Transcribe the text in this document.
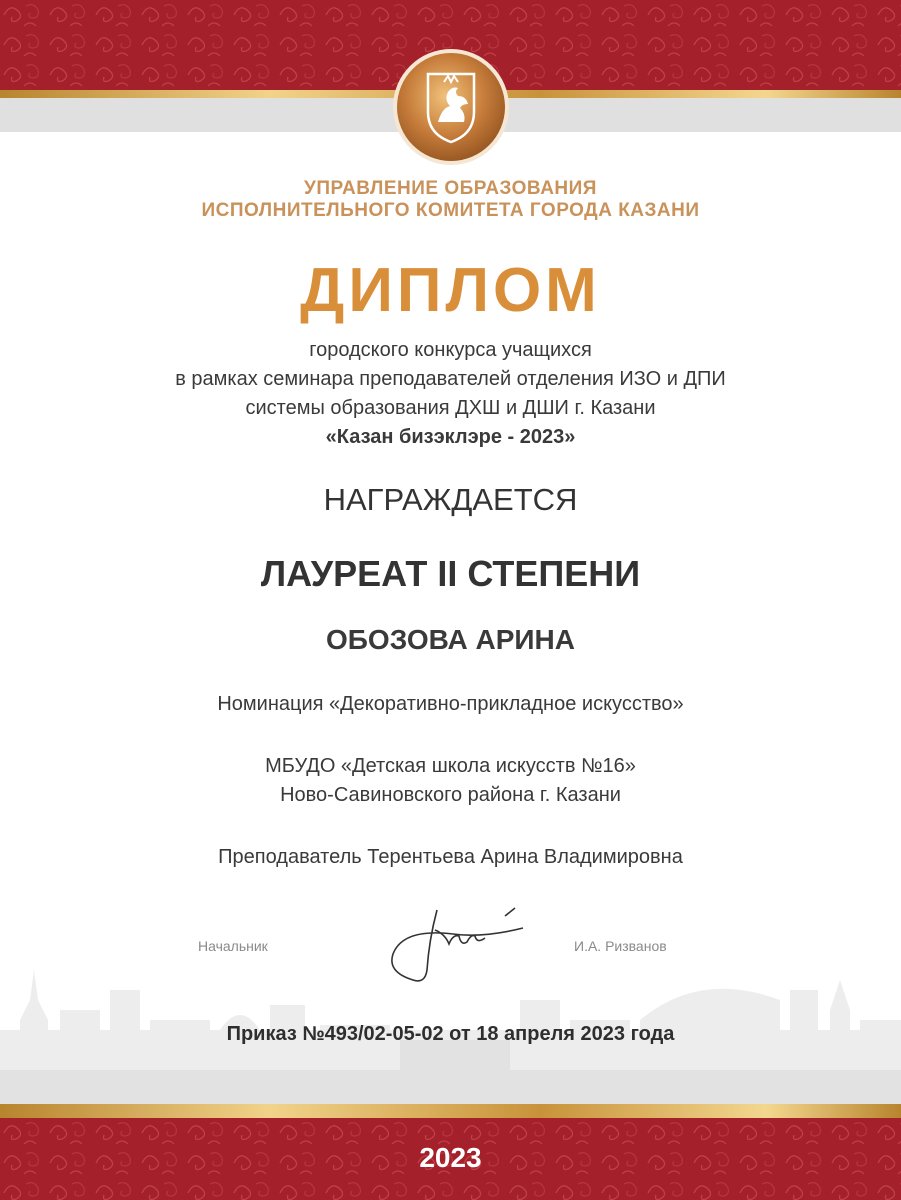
УПРАВЛЕНИЕ ОБРАЗОВАНИЯ
ИСПОЛНИТЕЛЬНОГО КОМИТЕТА ГОРОДА КАЗАНИ
ДИПЛОМ
городского конкурса учащихся
в рамках семинара преподавателей отделения ИЗО и ДПИ
системы образования ДХШ и ДШИ г. Казани
«Казан бизэклэре - 2023»
НАГРАЖДАЕТСЯ
ЛАУРЕАТ II СТЕПЕНИ
ОБОЗОВА АРИНА
Номинация «Декоративно-прикладное искусство»
МБУДО «Детская школа искусств №16»
Ново-Савиновского района г. Казани
Преподаватель Терентьева Арина Владимировна
Начальник	И.А. Ризванов
Приказ №493/02-05-02 от 18 апреля 2023 года
2023
